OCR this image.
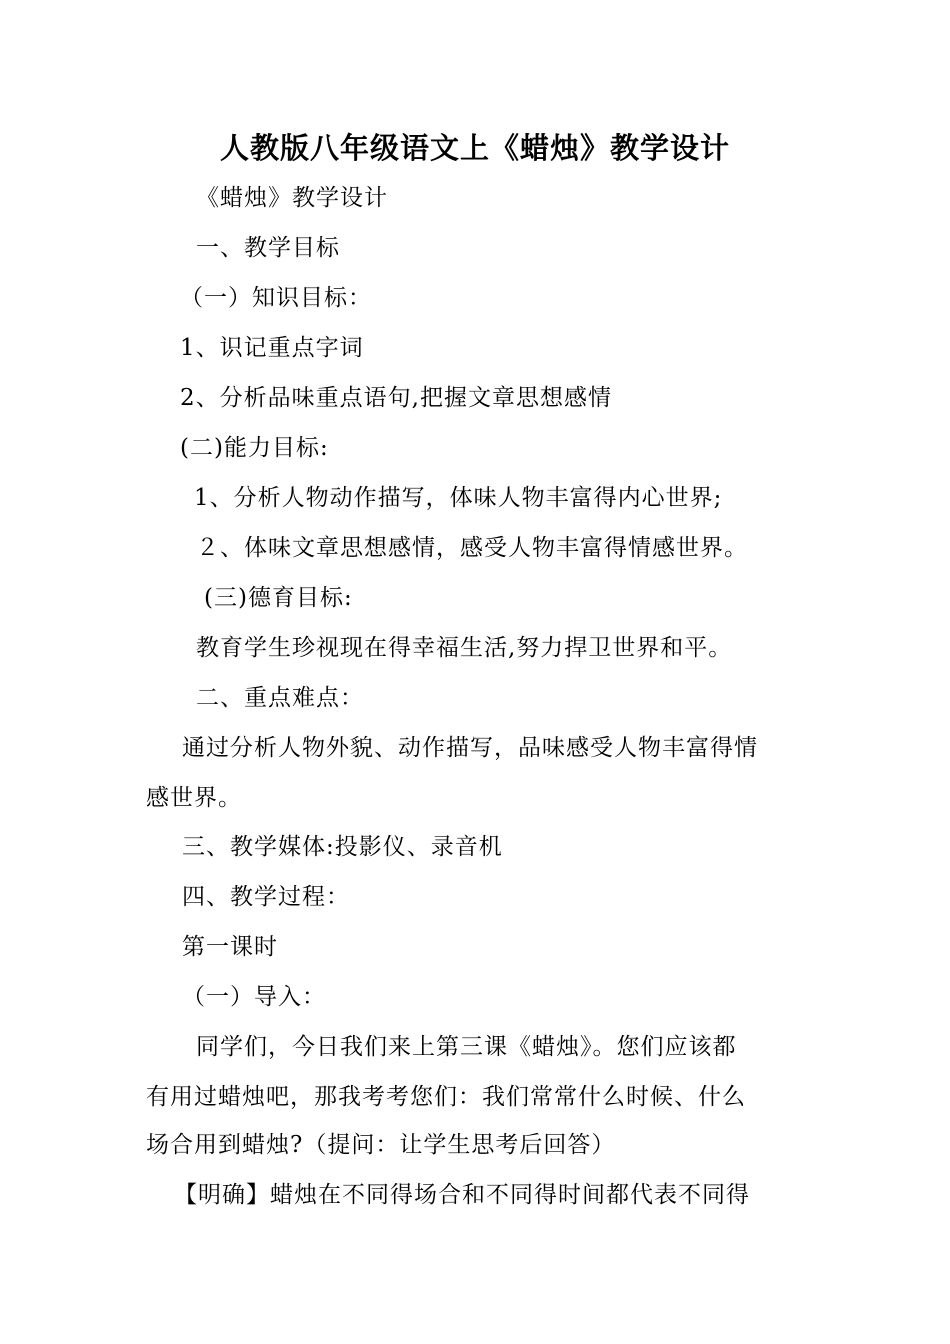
人教版八年级语文上《蜡烛》教学设计
《蜡烛》教学设计
一、教学目标
（一）知识目标：
1、识记重点字词
2、分析品味重点语句,把握文章思想感情
(二)能力目标:
1、分析人物动作描写，体味人物丰富得内心世界;
２、体味文章思想感情，感受人物丰富得情感世界。
(三)德育目标:
教育学生珍视现在得幸福生活,努力捍卫世界和平。
二、重点难点：
通过分析人物外貌、动作描写，品味感受人物丰富得情
感世界。
三、教学媒体:投影仪、录音机
四、教学过程：
第一课时
（一）导入：
同学们，今日我们来上第三课《蜡烛》。您们应该都
有用过蜡烛吧，那我考考您们：我们常常什么时候、什么
场合用到蜡烛?（提问：让学生思考后回答）
【明确】蜡烛在不同得场合和不同得时间都代表不同得
